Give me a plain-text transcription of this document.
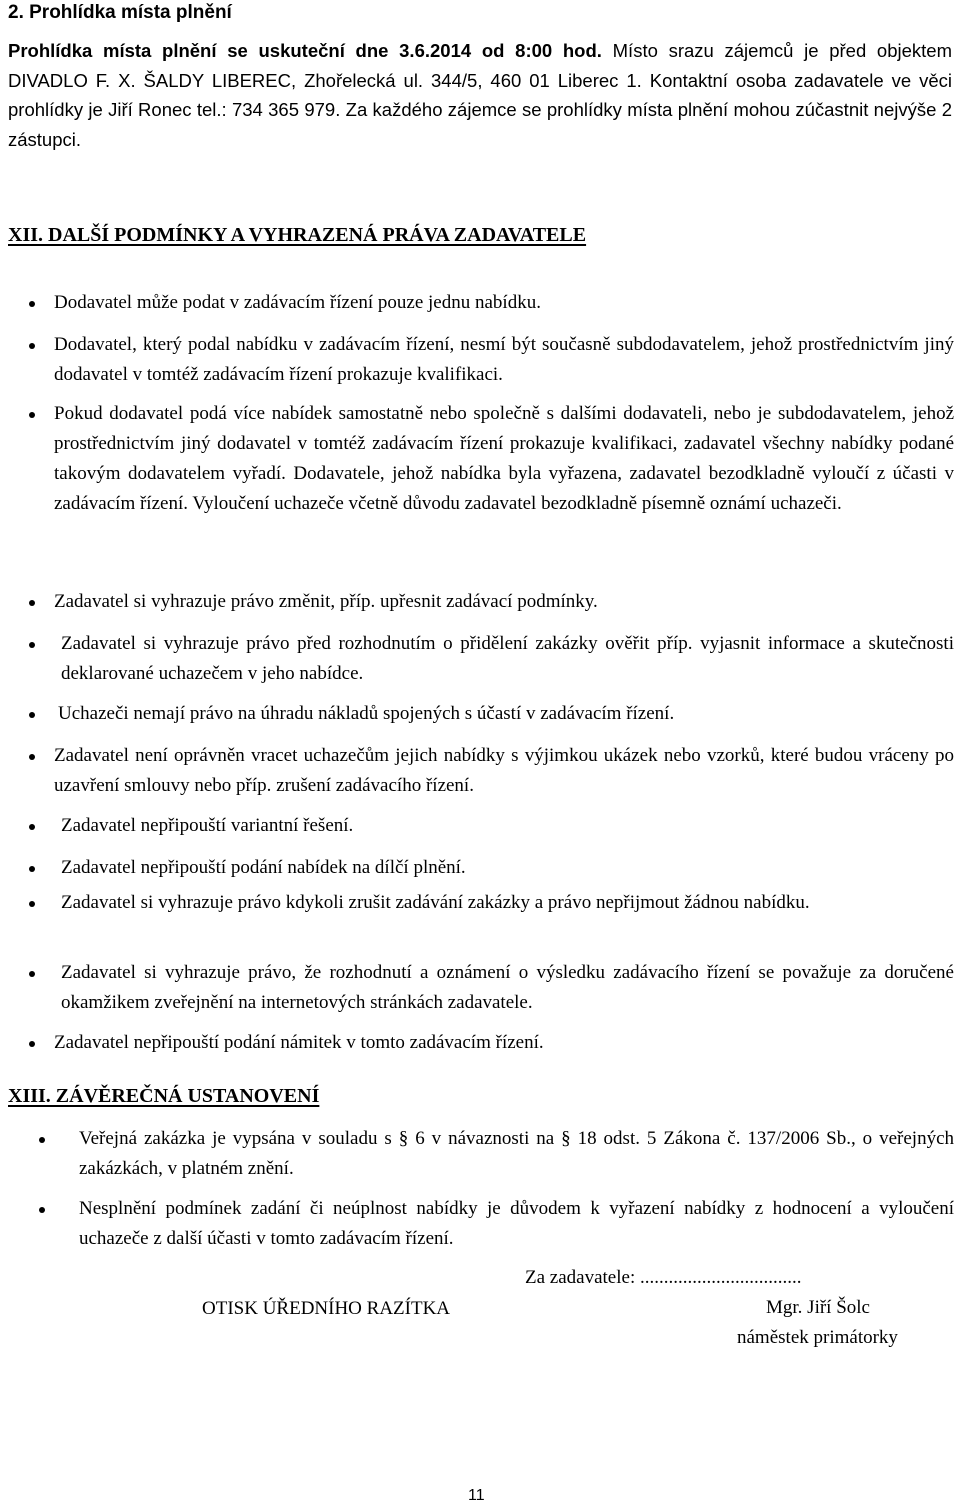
2. Prohlídka místa plnění

Prohlídka místa plnění se uskuteční dne 3.6.2014 od 8:00 hod. Místo srazu zájemců je před objektem DIVADLO F. X. ŠALDY LIBEREC, Zhořelecká ul. 344/5, 460 01 Liberec 1. Kontaktní osoba zadavatele ve věci prohlídky je Jiří Ronec tel.: 734 365 979. Za každého zájemce se prohlídky místa plnění mohou zúčastnit nejvýše 2 zástupci.

XII. DALŠÍ PODMÍNKY A VYHRAZENÁ PRÁVA ZADAVATELE

Dodavatel může podat v zadávacím řízení pouze jednu nabídku.
Dodavatel, který podal nabídku v zadávacím řízení, nesmí být současně subdodavatelem, jehož prostřednictvím jiný dodavatel v tomtéž zadávacím řízení prokazuje kvalifikaci.
Pokud dodavatel podá více nabídek samostatně nebo společně s dalšími dodavateli, nebo je subdodavatelem, jehož prostřednictvím jiný dodavatel v tomtéž zadávacím řízení prokazuje kvalifikaci, zadavatel všechny nabídky podané takovým dodavatelem vyřadí. Dodavatele, jehož nabídka byla vyřazena, zadavatel bezodkladně vyloučí z účasti v zadávacím řízení. Vyloučení uchazeče včetně důvodu zadavatel bezodkladně písemně oznámí uchazeči.
Zadavatel si vyhrazuje právo změnit, příp. upřesnit zadávací podmínky.
Zadavatel si vyhrazuje právo před rozhodnutím o přidělení zakázky ověřit příp. vyjasnit informace a skutečnosti deklarované uchazečem v jeho nabídce.
Uchazeči nemají právo na úhradu nákladů spojených s účastí v zadávacím řízení.
Zadavatel není oprávněn vracet uchazečům jejich nabídky s výjimkou ukázek nebo vzorků, které budou vráceny po uzavření smlouvy nebo příp. zrušení zadávacího řízení.
Zadavatel nepřipouští variantní řešení.
Zadavatel nepřipouští podání nabídek na dílčí plnění.
Zadavatel si vyhrazuje právo kdykoli zrušit zadávání zakázky a právo nepřijmout žádnou nabídku.
Zadavatel si vyhrazuje právo, že rozhodnutí a oznámení o výsledku zadávacího řízení se považuje za doručené okamžikem zveřejnění na internetových stránkách zadavatele.
Zadavatel nepřipouští podání námitek v tomto zadávacím řízení.

XIII. ZÁVĚREČNÁ USTANOVENÍ

Veřejná zakázka je vypsána v souladu s § 6 v návaznosti na § 18 odst. 5 Zákona č. 137/2006 Sb., o veřejných zakázkách, v platném znění.
Nesplnění podmínek zadání či neúplnost nabídky je důvodem k vyřazení nabídky z hodnocení a vyloučení uchazeče z další účasti v tomto zadávacím řízení.

OTISK ÚŘEDNÍHO RAZÍTKA

Za zadavatele: ..................................

Mgr. Jiří Šolc

náměstek primátorky

11
